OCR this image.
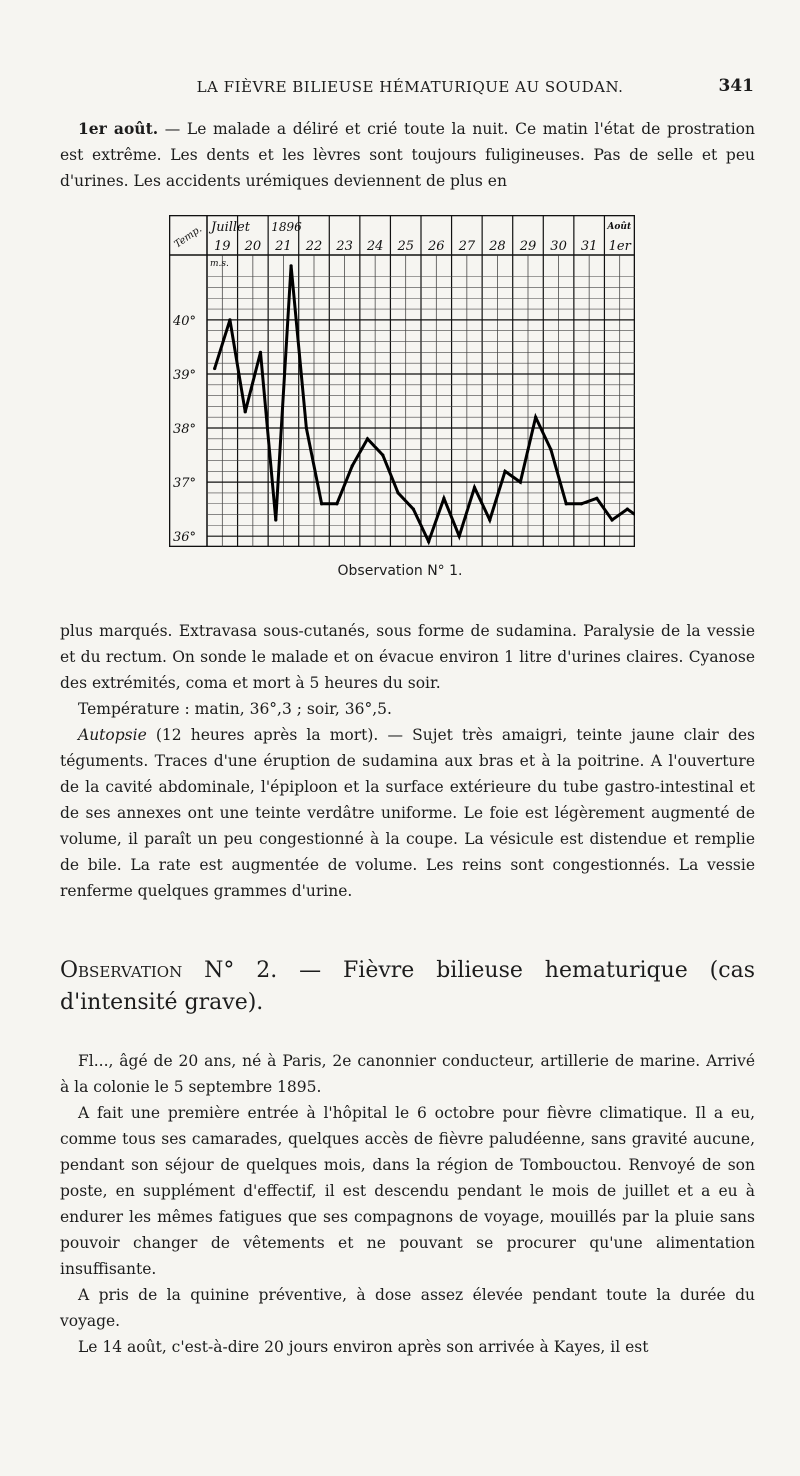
LA FIÈVRE BILIEUSE HÉMATURIQUE AU SOUDAN.	341

1er août. — Le malade a déliré et crié toute la nuit. Ce matin l'état de prostration est extrême. Les dents et les lèvres sont toujours fuligineuses. Pas de selle et peu d'urines. Les accidents urémiques deviennent de plus en

40°
39°
38°
37°
36°
Temp. Juillet 1896	Août
19 20 21 22 23 24 25 26 27 28 29 30 31 1er
m.s.
Observation N° 1.
plus marqués. Extravasa sous-cutanés, sous forme de sudamina. Paralysie de la vessie et du rectum. On sonde le malade et on évacue environ 1 litre d'urines claires. Cyanose des extrémités, coma et mort à 5 heures du soir.
Température : matin, 36°,3 ; soir, 36°,5.
Autopsie (12 heures après la mort). — Sujet très amaigri, teinte jaune clair des téguments. Traces d'une éruption de sudamina aux bras et à la poitrine. A l'ouverture de la cavité abdominale, l'épiploon et la surface extérieure du tube gastro-intestinal et de ses annexes ont une teinte verdâtre uniforme. Le foie est légèrement augmenté de volume, il paraît un peu congestionné à la coupe. La vésicule est distendue et remplie de bile. La rate est augmentée de volume. Les reins sont congestionnés. La vessie renferme quelques grammes d'urine.
Observation N° 2. — Fièvre bilieuse hematurique (cas d'intensité grave).
Fl..., âgé de 20 ans, né à Paris, 2e canonnier conducteur, artillerie de marine. Arrivé à la colonie le 5 septembre 1895.
A fait une première entrée à l'hôpital le 6 octobre pour fièvre climatique. Il a eu, comme tous ses camarades, quelques accès de fièvre paludéenne, sans gravité aucune, pendant son séjour de quelques mois, dans la région de Tombouctou. Renvoyé de son poste, en supplément d'effectif, il est descendu pendant le mois de juillet et a eu à endurer les mêmes fatigues que ses compagnons de voyage, mouillés par la pluie sans pouvoir changer de vêtements et ne pouvant se procurer qu'une alimentation insuffisante.
A pris de la quinine préventive, à dose assez élevée pendant toute la durée du voyage.
Le 14 août, c'est-à-dire 20 jours environ après son arrivée à Kayes, il est
